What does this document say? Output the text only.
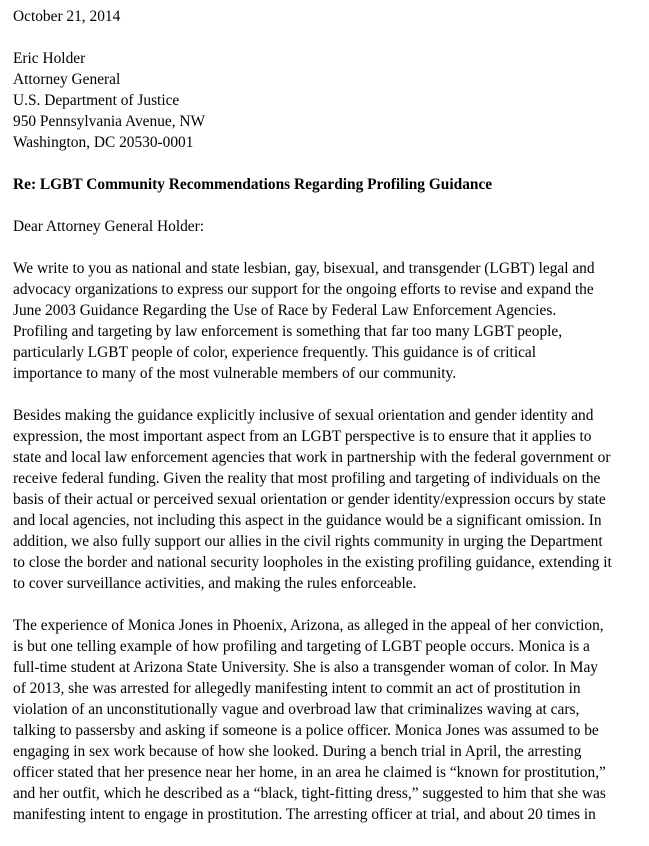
October 21, 2014
Eric Holder
Attorney General
U.S. Department of Justice
950 Pennsylvania Avenue, NW
Washington, DC 20530-0001
Re: LGBT Community Recommendations Regarding Profiling Guidance
Dear Attorney General Holder:
We write to you as national and state lesbian, gay, bisexual, and transgender (LGBT) legal and
advocacy organizations to express our support for the ongoing efforts to revise and expand the
June 2003 Guidance Regarding the Use of Race by Federal Law Enforcement Agencies.
Profiling and targeting by law enforcement is something that far too many LGBT people,
particularly LGBT people of color, experience frequently. This guidance is of critical
importance to many of the most vulnerable members of our community.
Besides making the guidance explicitly inclusive of sexual orientation and gender identity and
expression, the most important aspect from an LGBT perspective is to ensure that it applies to
state and local law enforcement agencies that work in partnership with the federal government or
receive federal funding. Given the reality that most profiling and targeting of individuals on the
basis of their actual or perceived sexual orientation or gender identity/expression occurs by state
and local agencies, not including this aspect in the guidance would be a significant omission. In
addition, we also fully support our allies in the civil rights community in urging the Department
to close the border and national security loopholes in the existing profiling guidance, extending it
to cover surveillance activities, and making the rules enforceable.
The experience of Monica Jones in Phoenix, Arizona, as alleged in the appeal of her conviction,
is but one telling example of how profiling and targeting of LGBT people occurs. Monica is a
full-time student at Arizona State University. She is also a transgender woman of color. In May
of 2013, she was arrested for allegedly manifesting intent to commit an act of prostitution in
violation of an unconstitutionally vague and overbroad law that criminalizes waving at cars,
talking to passersby and asking if someone is a police officer. Monica Jones was assumed to be
engaging in sex work because of how she looked. During a bench trial in April, the arresting
officer stated that her presence near her home, in an area he claimed is “known for prostitution,”
and her outfit, which he described as a “black, tight-fitting dress,” suggested to him that she was
manifesting intent to engage in prostitution. The arresting officer at trial, and about 20 times in
